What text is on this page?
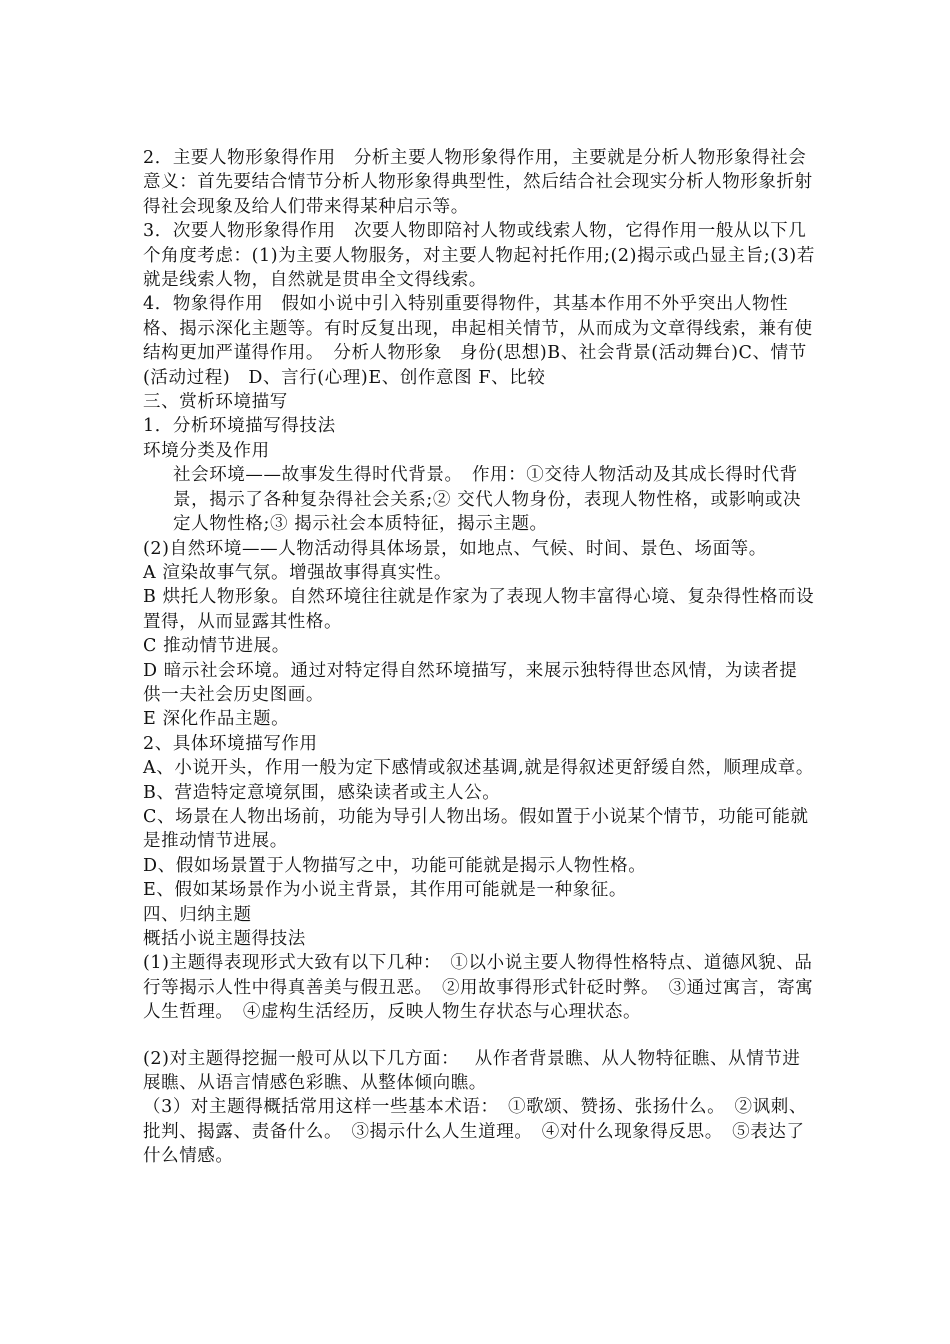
2．主要人物形象得作用　分析主要人物形象得作用，主要就是分析人物形象得社会意义：首先要结合情节分析人物形象得典型性，然后结合社会现实分析人物形象折射得社会现象及给人们带来得某种启示等。

3．次要人物形象得作用　次要人物即陪衬人物或线索人物，它得作用一般从以下几个角度考虑：(1)为主要人物服务，对主要人物起衬托作用;(2)揭示或凸显主旨;(3)若就是线索人物，自然就是贯串全文得线索。

4．物象得作用　假如小说中引入特别重要得物件，其基本作用不外乎突出人物性格、揭示深化主题等。有时反复出现，串起相关情节，从而成为文章得线索，兼有使结构更加严谨得作用。　分析人物形象　身份(思想)B、社会背景(活动舞台)C、情节(活动过程)　D、言行(心理)E、创作意图 F、比较

三、赏析环境描写

1．分析环境描写得技法

环境分类及作用

社会环境——故事发生得时代背景。　作用：①交待人物活动及其成长得时代背景，揭示了各种复杂得社会关系;② 交代人物身份，表现人物性格，或影响或决定人物性格;③ 揭示社会本质特征，揭示主题。

(2)自然环境——人物活动得具体场景，如地点、气候、时间、景色、场面等。

A 渲染故事气氛。增强故事得真实性。

B 烘托人物形象。自然环境往往就是作家为了表现人物丰富得心境、复杂得性格而设置得，从而显露其性格。

C 推动情节进展。

D 暗示社会环境。通过对特定得自然环境描写，来展示独特得世态风情，为读者提供一夫社会历史图画。

E 深化作品主题。

2、具体环境描写作用

A、小说开头，作用一般为定下感情或叙述基调,就是得叙述更舒缓自然，顺理成章。

B、营造特定意境氛围，感染读者或主人公。

C、场景在人物出场前，功能为导引人物出场。假如置于小说某个情节，功能可能就是推动情节进展。

D、假如场景置于人物描写之中，功能可能就是揭示人物性格。

E、假如某场景作为小说主背景，其作用可能就是一种象征。

四、归纳主题

概括小说主题得技法

(1)主题得表现形式大致有以下几种：　①以小说主要人物得性格特点、道德风貌、品行等揭示人性中得真善美与假丑恶。　②用故事得形式针砭时弊。　③通过寓言，寄寓人生哲理。　④虚构生活经历，反映人物生存状态与心理状态。

(2)对主题得挖掘一般可从以下几方面：　 从作者背景瞧、从人物特征瞧、从情节进展瞧、从语言情感色彩瞧、从整体倾向瞧。

（3）对主题得概括常用这样一些基本术语：　①歌颂、赞扬、张扬什么。　②讽刺、批判、揭露、责备什么。　③揭示什么人生道理。　④对什么现象得反思。　⑤表达了什么情感。
